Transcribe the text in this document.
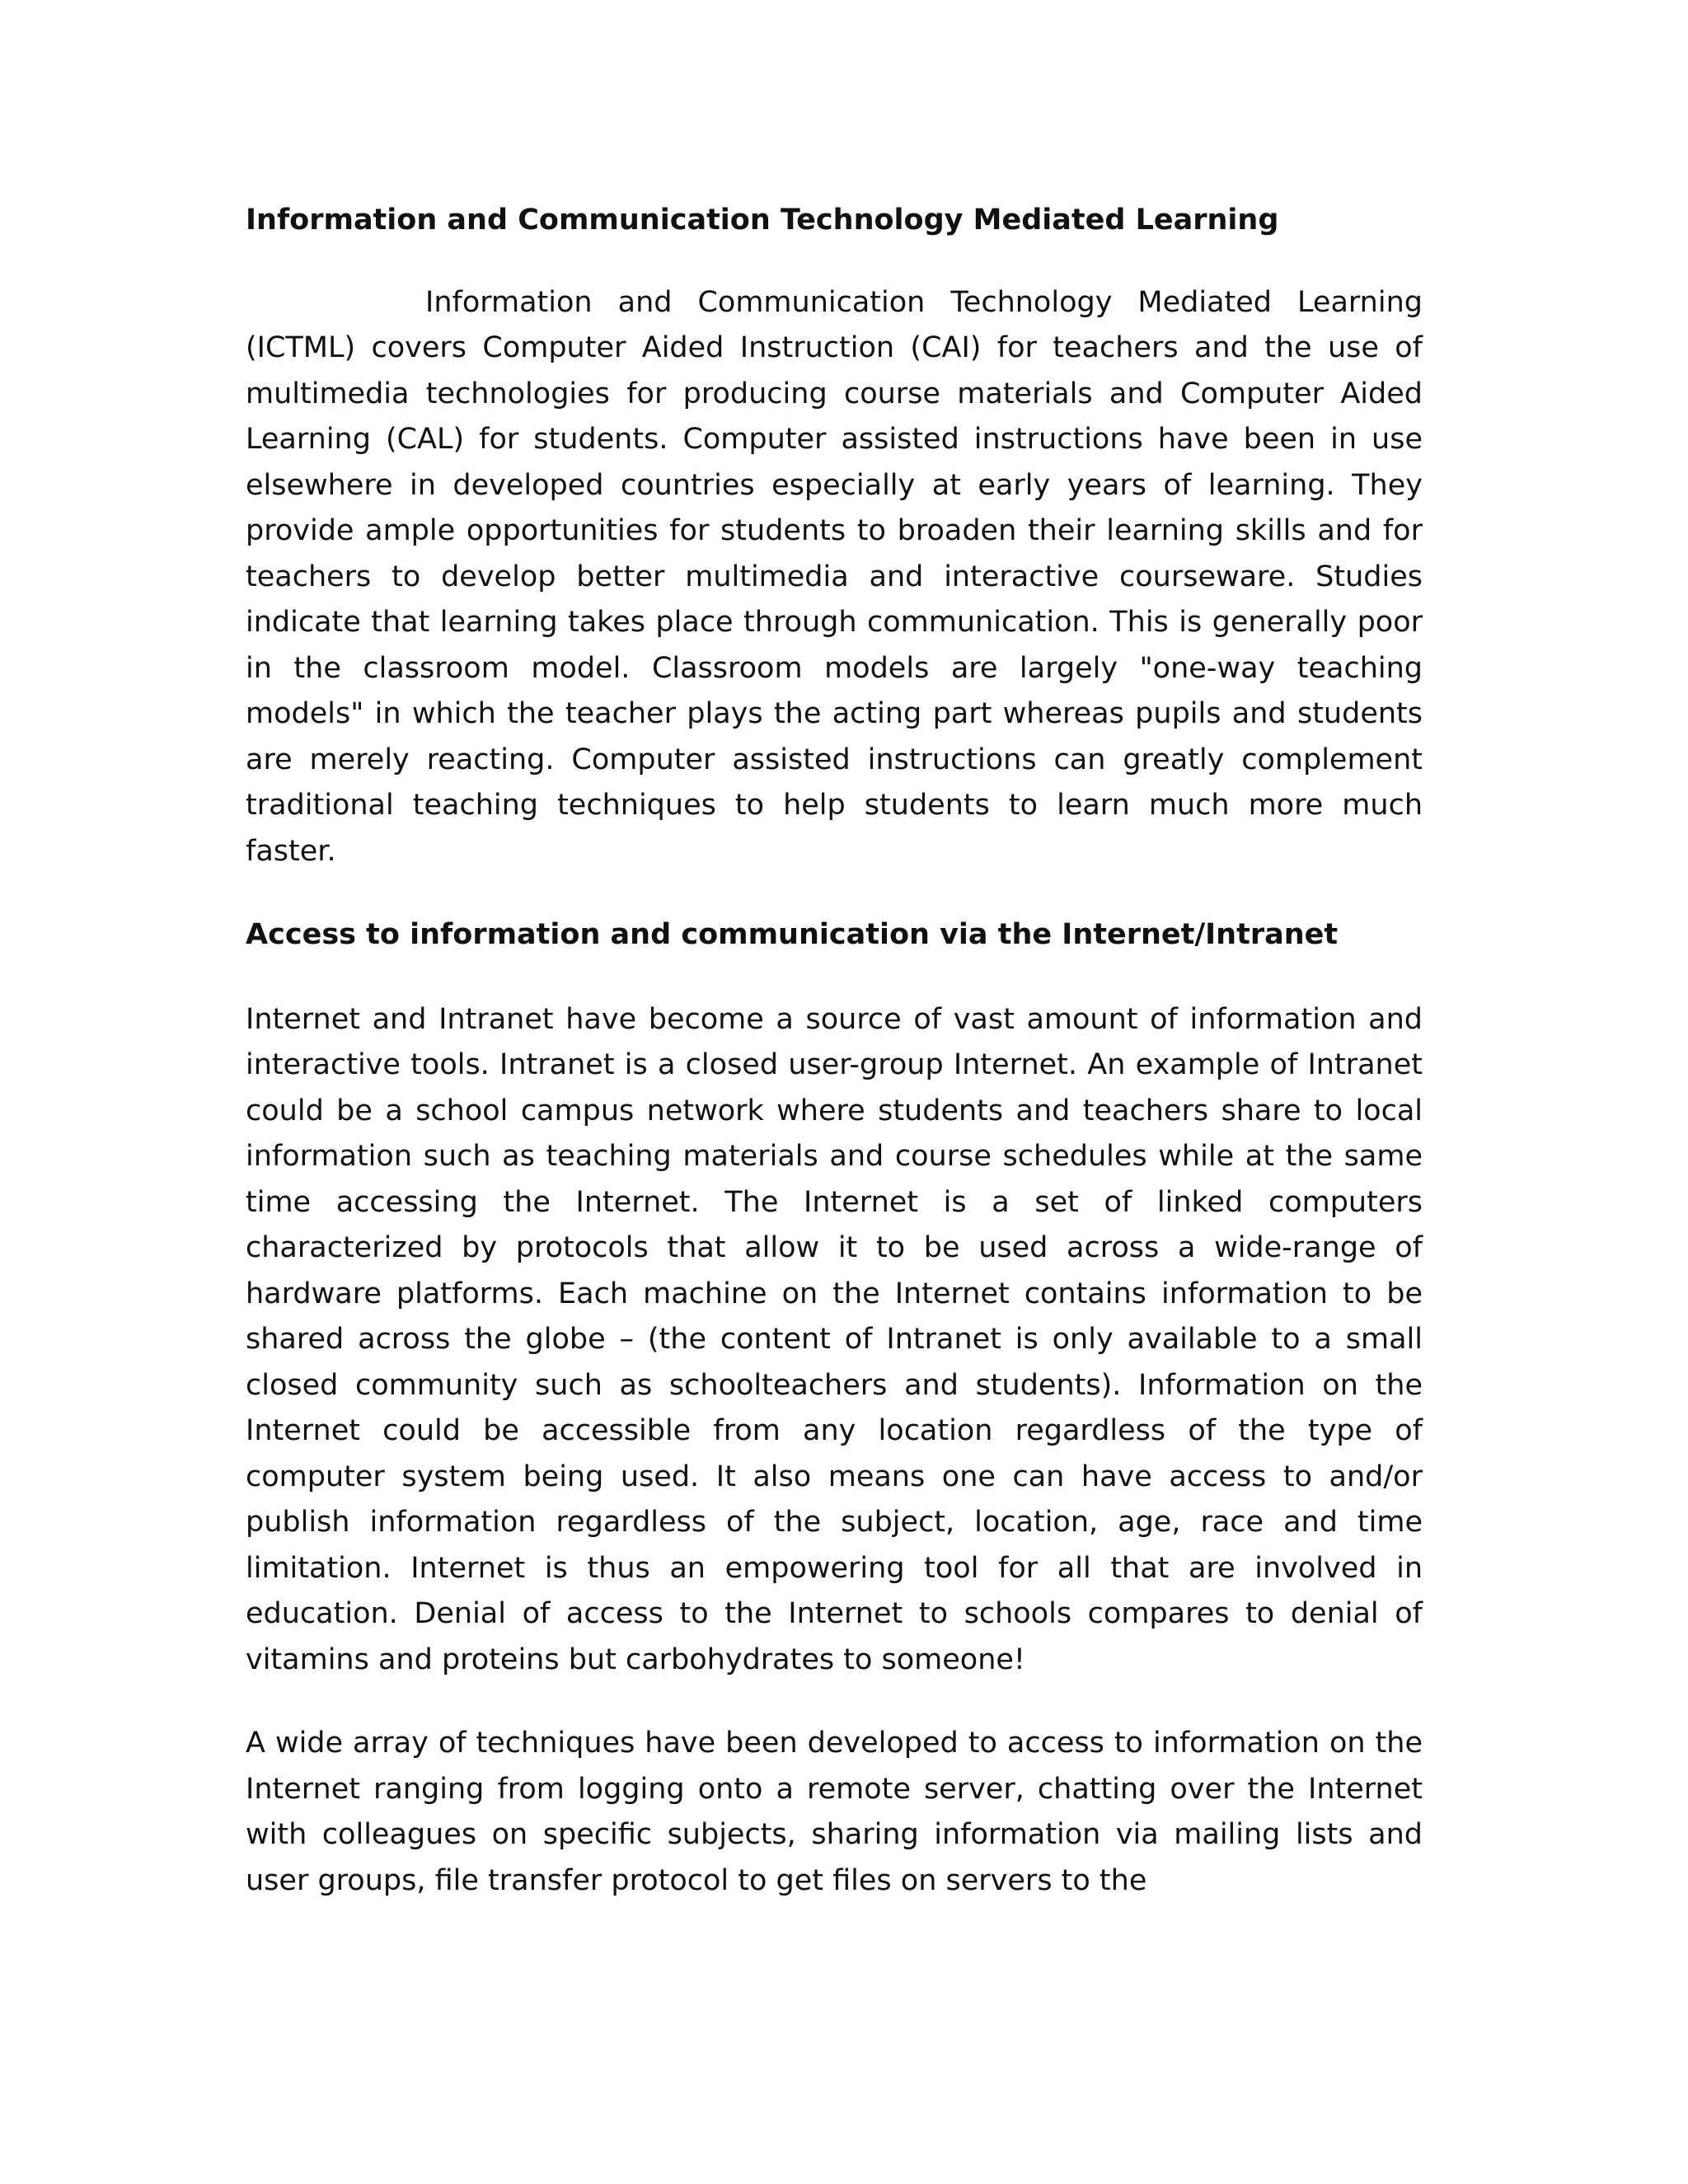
Information and Communication Technology Mediated Learning

Information and Communication Technology Mediated Learning (ICTML) covers Computer Aided Instruction (CAI) for teachers and the use of multimedia technologies for producing course materials and Computer Aided Learning (CAL) for students. Computer assisted instructions have been in use elsewhere in developed countries especially at early years of learning. They provide ample opportunities for students to broaden their learning skills and for teachers to develop better multimedia and interactive courseware. Studies indicate that learning takes place through communication. This is generally poor in the classroom model. Classroom models are largely "one-way teaching models" in which the teacher plays the acting part whereas pupils and students are merely reacting. Computer assisted instructions can greatly complement traditional teaching techniques to help students to learn much more much faster.

Access to information and communication via the Internet/Intranet

Internet and Intranet have become a source of vast amount of information and interactive tools. Intranet is a closed user-group Internet. An example of Intranet could be a school campus network where students and teachers share to local information such as teaching materials and course schedules while at the same time accessing the Internet. The Internet is a set of linked computers characterized by protocols that allow it to be used across a wide-range of hardware platforms. Each machine on the Internet contains information to be shared across the globe – (the content of Intranet is only available to a small closed community such as schoolteachers and students). Information on the Internet could be accessible from any location regardless of the type of computer system being used. It also means one can have access to and/or publish information regardless of the subject, location, age, race and time limitation. Internet is thus an empowering tool for all that are involved in education. Denial of access to the Internet to schools compares to denial of vitamins and proteins but carbohydrates to someone!

A wide array of techniques have been developed to access to information on the Internet ranging from logging onto a remote server, chatting over the Internet with colleagues on specific subjects, sharing information via mailing lists and user groups, file transfer protocol to get files on servers to the
